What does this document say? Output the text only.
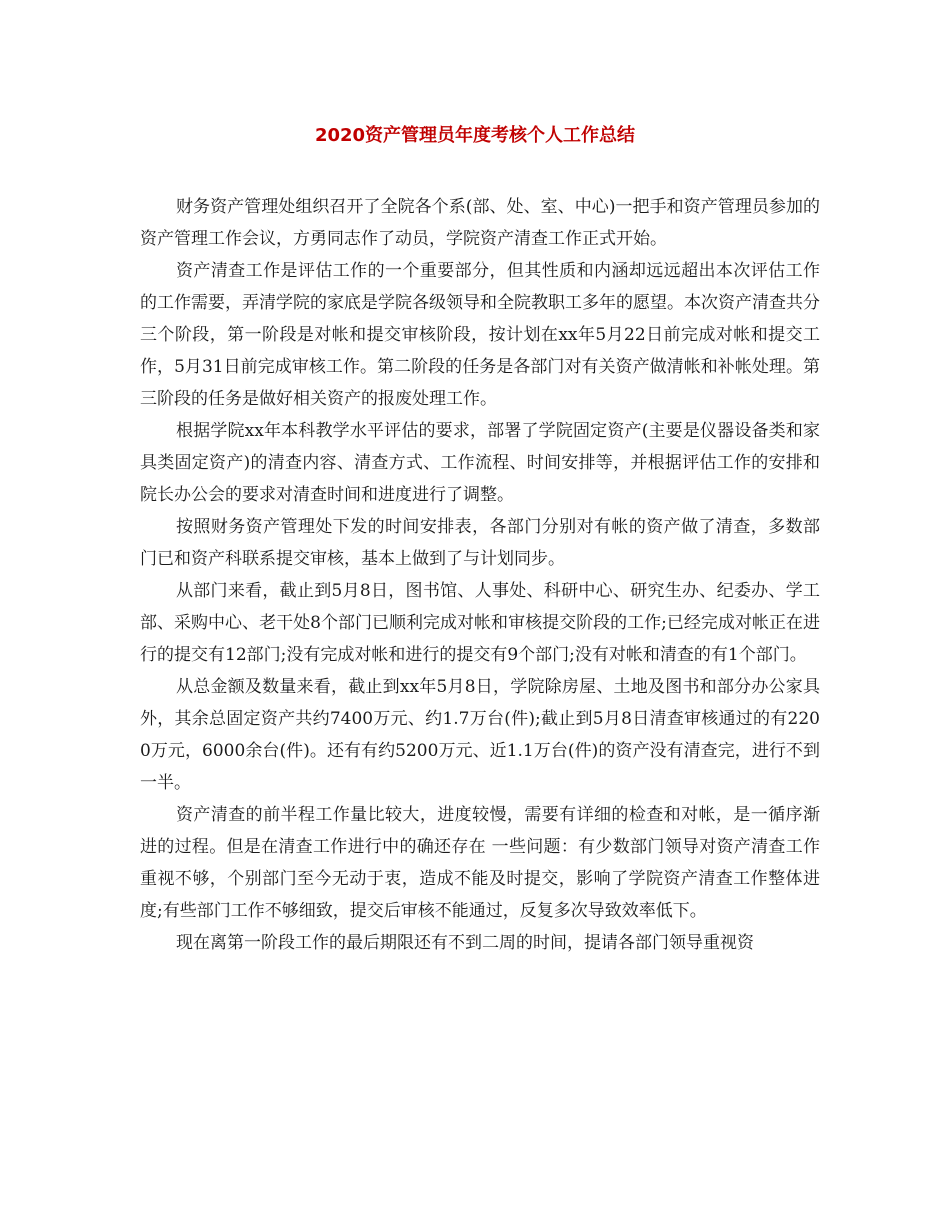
2020资产管理员年度考核个人工作总结

财务资产管理处组织召开了全院各个系(部、处、室、中心)一把手和资产管理员参加的资产管理工作会议，方勇同志作了动员，学院资产清查工作正式开始。

资产清查工作是评估工作的一个重要部分，但其性质和内涵却远远超出本次评估工作的工作需要，弄清学院的家底是学院各级领导和全院教职工多年的愿望。本次资产清查共分三个阶段，第一阶段是对帐和提交审核阶段，按计划在xx年5月22日前完成对帐和提交工作，5月31日前完成审核工作。第二阶段的任务是各部门对有关资产做清帐和补帐处理。第三阶段的任务是做好相关资产的报废处理工作。

根据学院xx年本科教学水平评估的要求，部署了学院固定资产(主要是仪器设备类和家具类固定资产)的清查内容、清查方式、工作流程、时间安排等，并根据评估工作的安排和院长办公会的要求对清查时间和进度进行了调整。

按照财务资产管理处下发的时间安排表，各部门分别对有帐的资产做了清查，多数部门已和资产科联系提交审核，基本上做到了与计划同步。

从部门来看，截止到5月8日，图书馆、人事处、科研中心、研究生办、纪委办、学工部、采购中心、老干处8个部门已顺利完成对帐和审核提交阶段的工作;已经完成对帐正在进行的提交有12部门;没有完成对帐和进行的提交有9个部门;没有对帐和清查的有1个部门。

从总金额及数量来看，截止到xx年5月8日，学院除房屋、土地及图书和部分办公家具外，其余总固定资产共约7400万元、约1.7万台(件);截止到5月8日清查审核通过的有2200万元，6000余台(件)。还有有约5200万元、近1.1万台(件)的资产没有清查完，进行不到一半。

资产清查的前半程工作量比较大，进度较慢，需要有详细的检查和对帐，是一循序渐进的过程。但是在清查工作进行中的确还存在 一些问题：有少数部门领导对资产清查工作重视不够，个别部门至今无动于衷，造成不能及时提交，影响了学院资产清查工作整体进度;有些部门工作不够细致，提交后审核不能通过，反复多次导致效率低下。

现在离第一阶段工作的最后期限还有不到二周的时间，提请各部门领导重视资
